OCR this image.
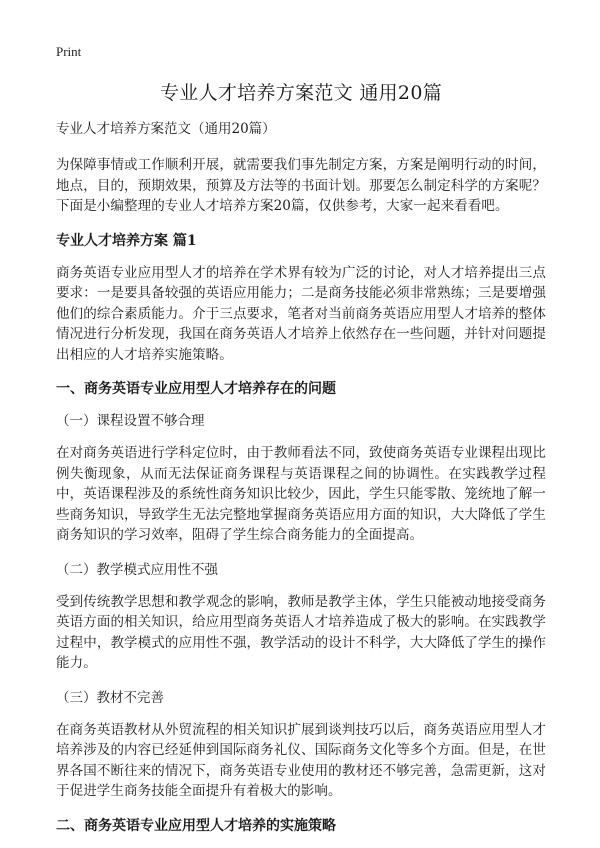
Print
专业人才培养方案范文 通用20篇
专业人才培养方案范文（通用20篇）

为保障事情或工作顺利开展，就需要我们事先制定方案，方案是阐明行动的时间，地点，目的，预期效果，预算及方法等的书面计划。那要怎么制定科学的方案呢？下面是小编整理的专业人才培养方案20篇，仅供参考，大家一起来看看吧。

专业人才培养方案 篇1

商务英语专业应用型人才的培养在学术界有较为广泛的讨论，对人才培养提出三点要求：一是要具备较强的英语应用能力；二是商务技能必须非常熟练；三是要增强他们的综合素质能力。介于三点要求，笔者对当前商务英语应用型人才培养的整体情况进行分析发现，我国在商务英语人才培养上依然存在一些问题，并针对问题提出相应的人才培养实施策略。

一、商务英语专业应用型人才培养存在的问题
（一）课程设置不够合理

在对商务英语进行学科定位时，由于教师看法不同，致使商务英语专业课程出现比例失衡现象，从而无法保证商务课程与英语课程之间的协调性。在实践教学过程中，英语课程涉及的系统性商务知识比较少，因此，学生只能零散、笼统地了解一些商务知识，导致学生无法完整地掌握商务英语应用方面的知识，大大降低了学生商务知识的学习效率，阻碍了学生综合商务能力的全面提高。

（二）教学模式应用性不强

受到传统教学思想和教学观念的影响，教师是教学主体，学生只能被动地接受商务英语方面的相关知识，给应用型商务英语人才培养造成了极大的影响。在实践教学过程中，教学模式的应用性不强，教学活动的设计不科学，大大降低了学生的操作能力。

（三）教材不完善

在商务英语教材从外贸流程的相关知识扩展到谈判技巧以后，商务英语应用型人才培养涉及的内容已经延伸到国际商务礼仪、国际商务文化等多个方面。但是，在世界各国不断往来的情况下，商务英语专业使用的教材还不够完善，急需更新，这对于促进学生商务技能全面提升有着极大的影响。

二、商务英语专业应用型人才培养的实施策略
